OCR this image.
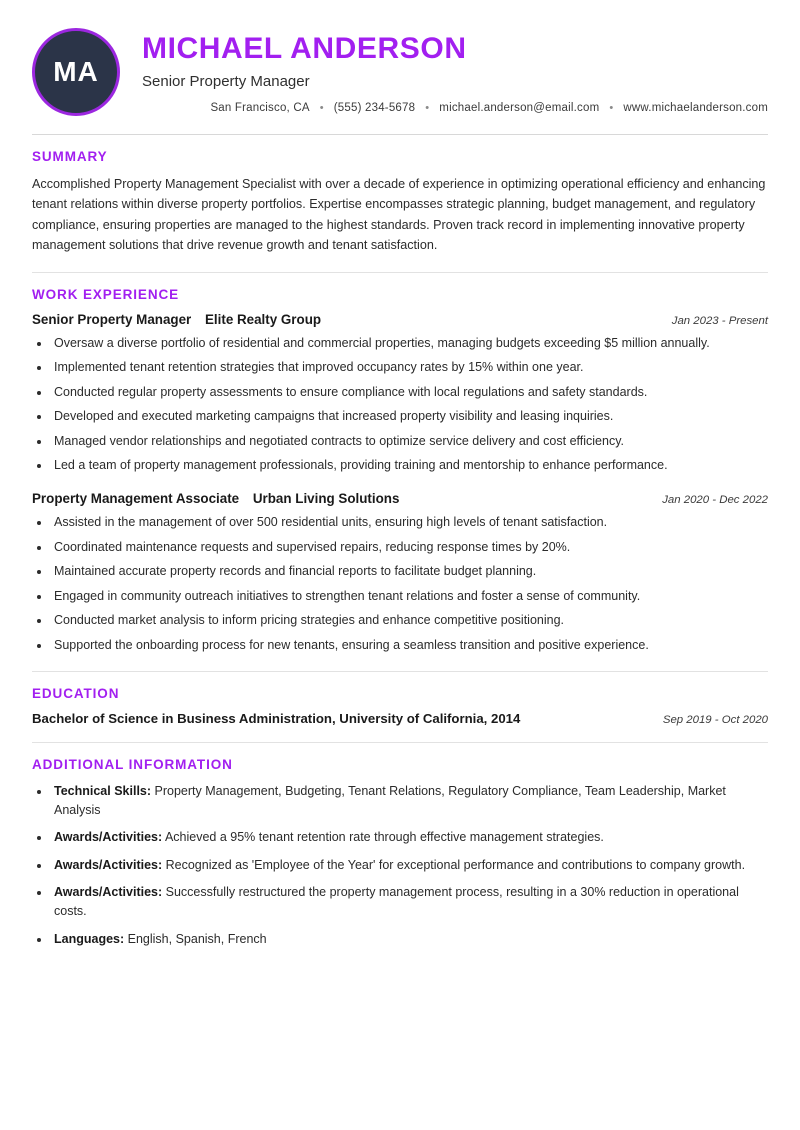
MA
MICHAEL ANDERSON
Senior Property Manager
San Francisco, CA • (555) 234-5678 • michael.anderson@email.com • www.michaelanderson.com
SUMMARY

Accomplished Property Management Specialist with over a decade of experience in optimizing operational efficiency and enhancing tenant relations within diverse property portfolios. Expertise encompasses strategic planning, budget management, and regulatory compliance, ensuring properties are managed to the highest standards. Proven track record in implementing innovative property management solutions that drive revenue growth and tenant satisfaction.

WORK EXPERIENCE
Senior Property Manager Elite Realty Group	Jan 2023 - Present
• Oversaw a diverse portfolio of residential and commercial properties, managing budgets exceeding $5 million annually.
• Implemented tenant retention strategies that improved occupancy rates by 15% within one year.
• Conducted regular property assessments to ensure compliance with local regulations and safety standards.
• Developed and executed marketing campaigns that increased property visibility and leasing inquiries.
• Managed vendor relationships and negotiated contracts to optimize service delivery and cost efficiency.
• Led a team of property management professionals, providing training and mentorship to enhance performance.
Property Management Associate Urban Living Solutions	Jan 2020 - Dec 2022
• Assisted in the management of over 500 residential units, ensuring high levels of tenant satisfaction.
• Coordinated maintenance requests and supervised repairs, reducing response times by 20%.
• Maintained accurate property records and financial reports to facilitate budget planning.
• Engaged in community outreach initiatives to strengthen tenant relations and foster a sense of community.
• Conducted market analysis to inform pricing strategies and enhance competitive positioning.
• Supported the onboarding process for new tenants, ensuring a seamless transition and positive experience.
EDUCATION
Bachelor of Science in Business Administration, University of California, 2014	Sep 2019 - Oct 2020
ADDITIONAL INFORMATION
• Technical Skills: Property Management, Budgeting, Tenant Relations, Regulatory Compliance, Team Leadership, Market Analysis
• Awards/Activities: Achieved a 95% tenant retention rate through effective management strategies.
• Awards/Activities: Recognized as 'Employee of the Year' for exceptional performance and contributions to company growth.
• Awards/Activities: Successfully restructured the property management process, resulting in a 30% reduction in operational costs.
• Languages: English, Spanish, French
